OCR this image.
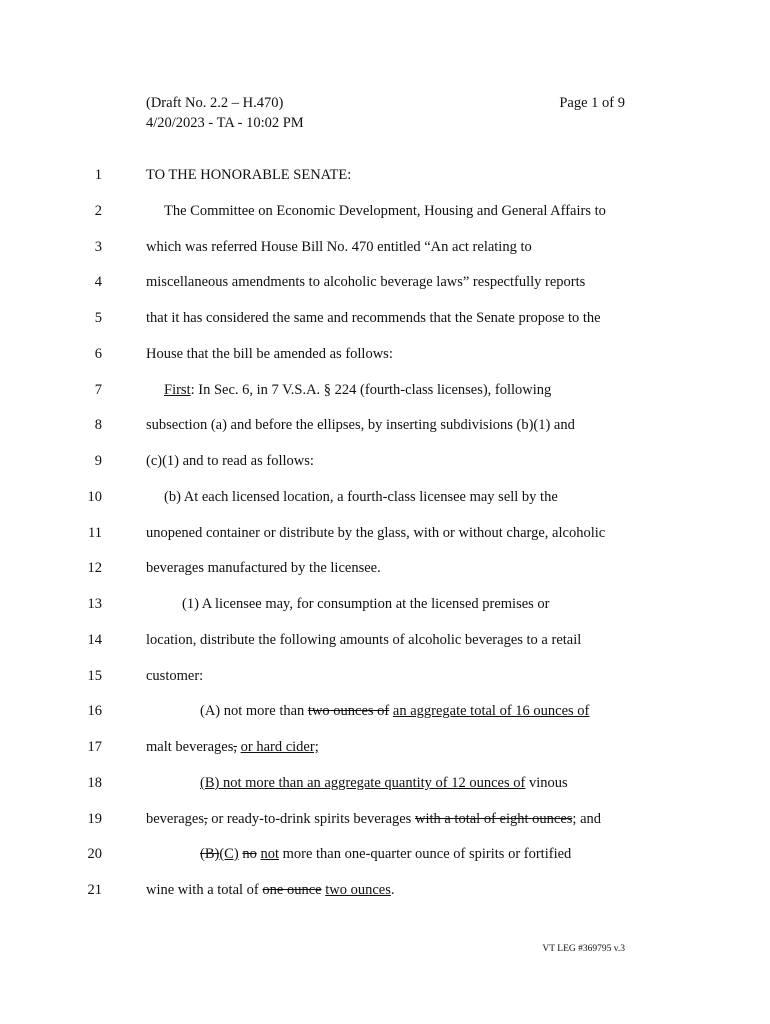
(Draft No. 2.2 – H.470)
4/20/2023 - TA - 10:02 PM
Page 1 of 9
1	TO THE HONORABLE SENATE:
2	The Committee on Economic Development, Housing and General Affairs to
3	which was referred House Bill No. 470 entitled “An act relating to
4	miscellaneous amendments to alcoholic beverage laws” respectfully reports
5	that it has considered the same and recommends that the Senate propose to the
6	House that the bill be amended as follows:
7	First: In Sec. 6, in 7 V.S.A. § 224 (fourth-class licenses), following
8	subsection (a) and before the ellipses, by inserting subdivisions (b)(1) and
9	(c)(1) and to read as follows:
10	(b) At each licensed location, a fourth-class licensee may sell by the
11	unopened container or distribute by the glass, with or without charge, alcoholic
12	beverages manufactured by the licensee.
13	(1) A licensee may, for consumption at the licensed premises or
14	location, distribute the following amounts of alcoholic beverages to a retail
15	customer:
16	(A) not more than two ounces of an aggregate total of 16 ounces of
17	malt beverages, or hard cider;
18	(B) not more than an aggregate quantity of 12 ounces of vinous
19	beverages, or ready-to-drink spirits beverages with a total of eight ounces; and
20	(B)(C) no not more than one-quarter ounce of spirits or fortified
21	wine with a total of one ounce two ounces.
VT LEG #369795 v.3
